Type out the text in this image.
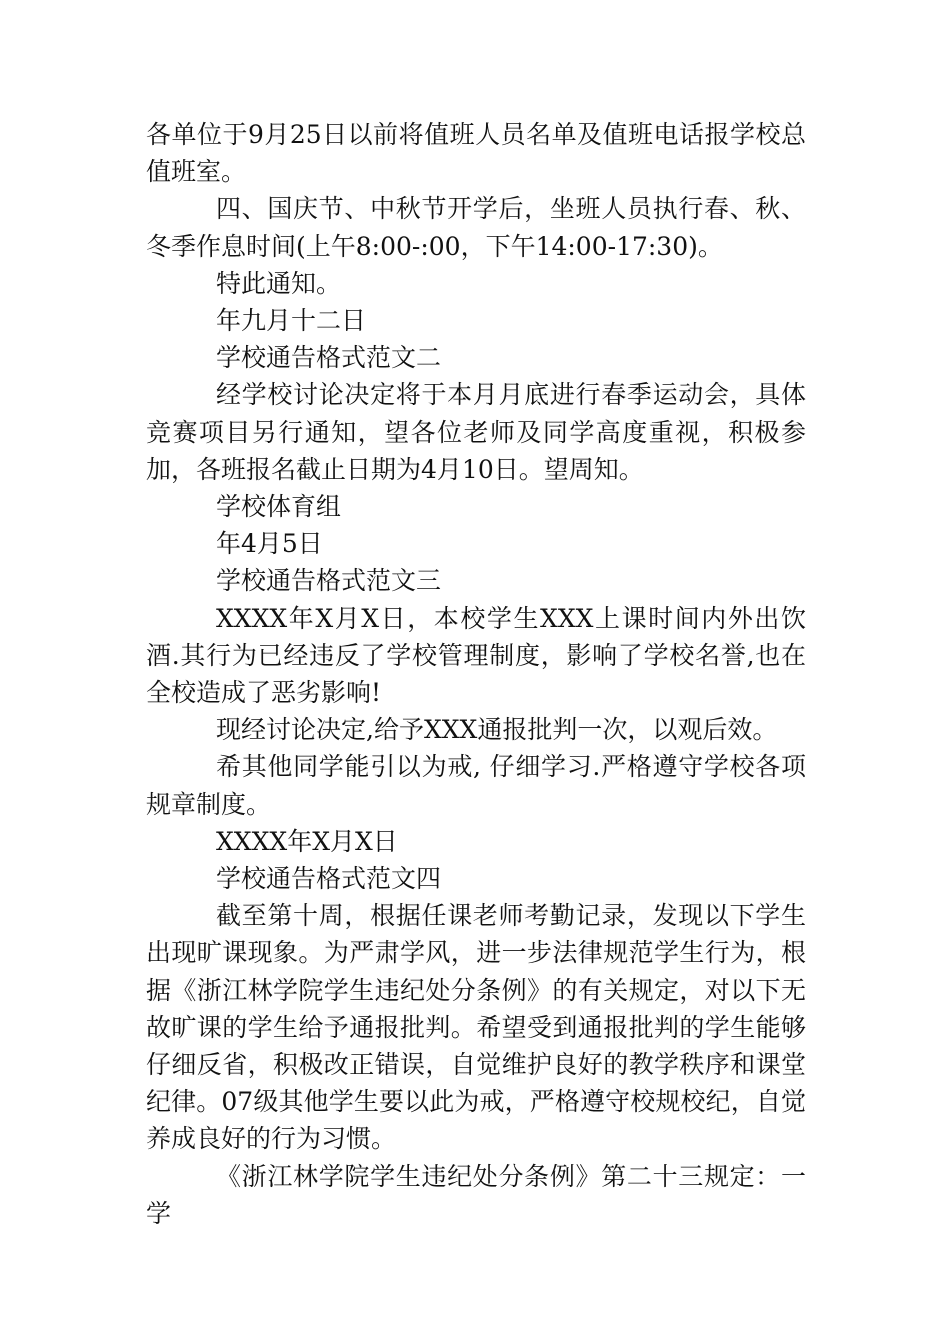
各单位于9月25日以前将值班人员名单及值班电话报学校总值班室。

四、国庆节、中秋节开学后，坐班人员执行春、秋、冬季作息时间(上午8:00-:00，下午14:00-17:30)。

特此通知。

年九月十二日

学校通告格式范文二

经学校讨论决定将于本月月底进行春季运动会，具体竞赛项目另行通知，望各位老师及同学高度重视，积极参加，各班报名截止日期为4月10日。望周知。

学校体育组

年4月5日

学校通告格式范文三

XXXX年X月X日，本校学生XXX上课时间内外出饮酒.其行为已经违反了学校管理制度，影响了学校名誉,也在全校造成了恶劣影响!

现经讨论决定,给予XXX通报批判一次，以观后效。

希其他同学能引以为戒, 仔细学习.严格遵守学校各项规章制度。

XXXX年X月X日

学校通告格式范文四

截至第十周，根据任课老师考勤记录，发现以下学生出现旷课现象。为严肃学风，进一步法律规范学生行为，根据《浙江林学院学生违纪处分条例》的有关规定，对以下无故旷课的学生给予通报批判。希望受到通报批判的学生能够仔细反省，积极改正错误，自觉维护良好的教学秩序和课堂纪律。07级其他学生要以此为戒，严格遵守校规校纪，自觉养成良好的行为习惯。

《浙江林学院学生违纪处分条例》第二十三规定：一学
